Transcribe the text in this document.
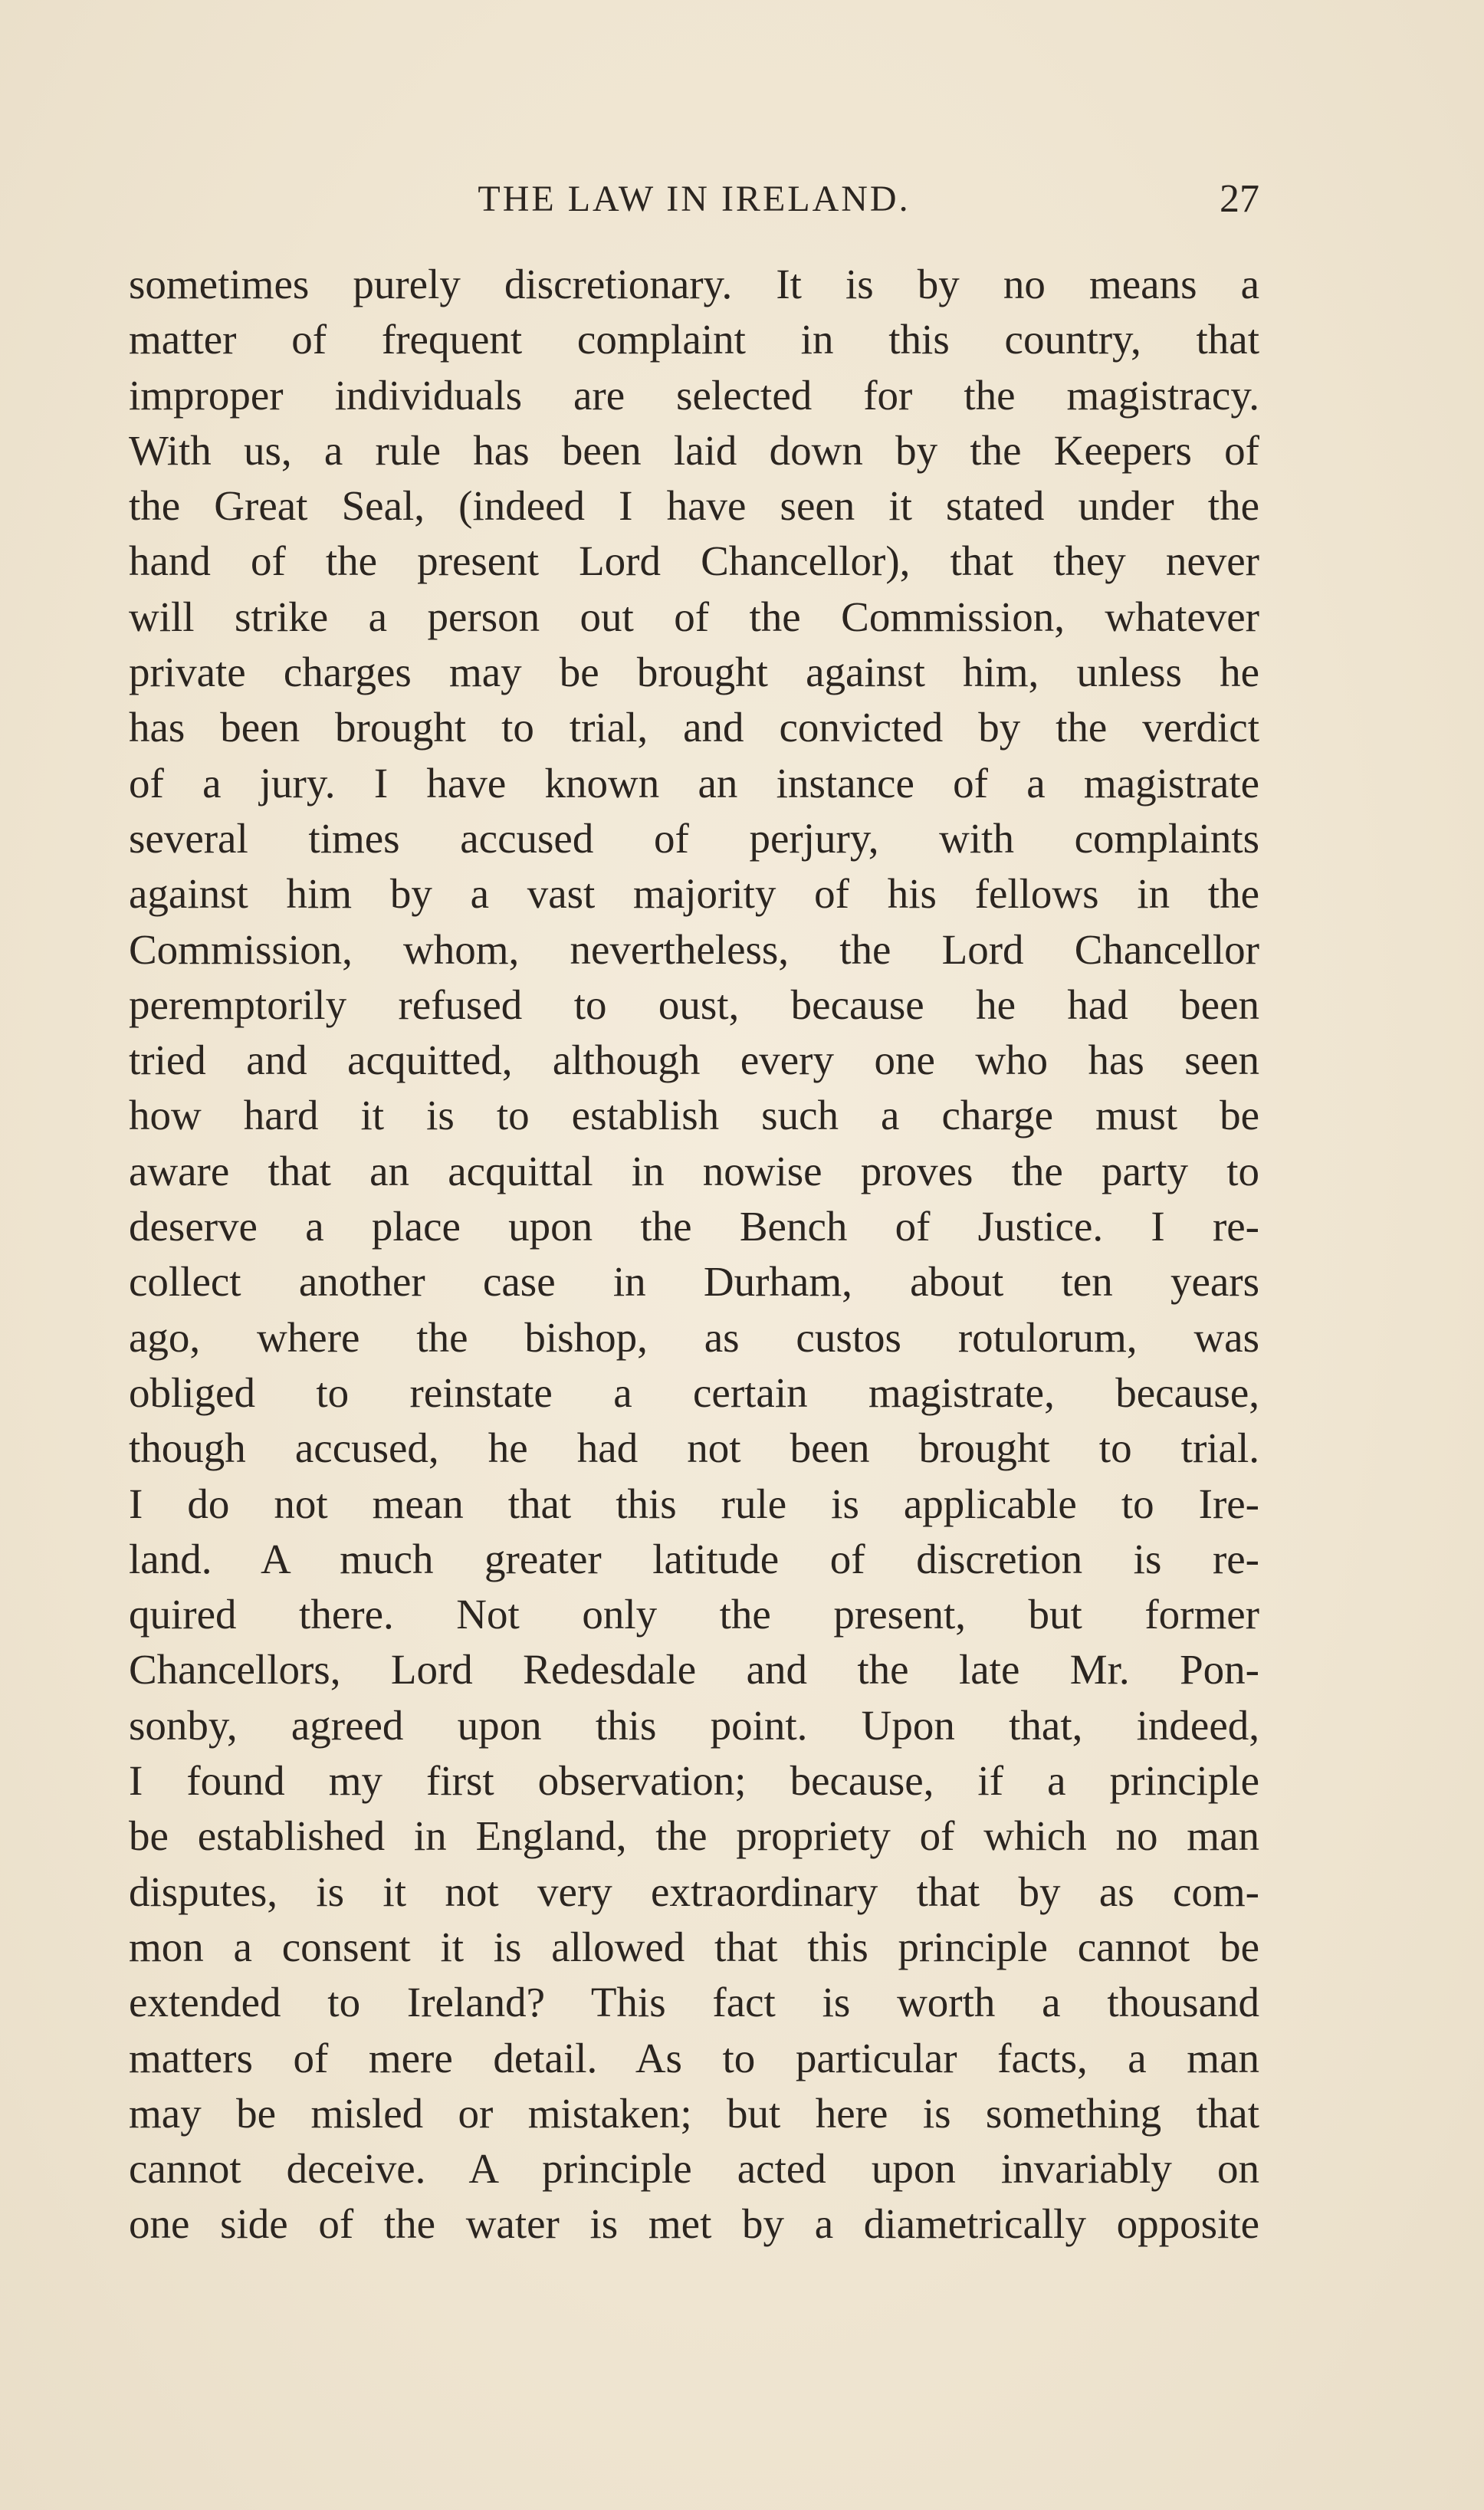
THE LAW IN IRELAND.	27
sometimes purely discretionary. It is by no means a
matter of frequent complaint in this country, that
improper individuals are selected for the magistracy.
With us, a rule has been laid down by the Keepers of
the Great Seal, (indeed I have seen it stated under the
hand of the present Lord Chancellor), that they never
will strike a person out of the Commission, whatever
private charges may be brought against him, unless he
has been brought to trial, and convicted by the verdict
of a jury. I have known an instance of a magistrate
several times accused of perjury, with complaints
against him by a vast majority of his fellows in the
Commission, whom, nevertheless, the Lord Chancellor
peremptorily refused to oust, because he had been
tried and acquitted, although every one who has seen
how hard it is to establish such a charge must be
aware that an acquittal in nowise proves the party to
deserve a place upon the Bench of Justice. I re-
collect another case in Durham, about ten years
ago, where the bishop, as custos rotulorum, was
obliged to reinstate a certain magistrate, because,
though accused, he had not been brought to trial.
I do not mean that this rule is applicable to Ire-
land. A much greater latitude of discretion is re-
quired there. Not only the present, but former
Chancellors, Lord Redesdale and the late Mr. Pon-
sonby, agreed upon this point. Upon that, indeed,
I found my first observation; because, if a principle
be established in England, the propriety of which no man
disputes, is it not very extraordinary that by as com-
mon a consent it is allowed that this principle cannot be
extended to Ireland? This fact is worth a thousand
matters of mere detail. As to particular facts, a man
may be misled or mistaken; but here is something that
cannot deceive. A principle acted upon invariably on
one side of the water is met by a diametrically opposite
